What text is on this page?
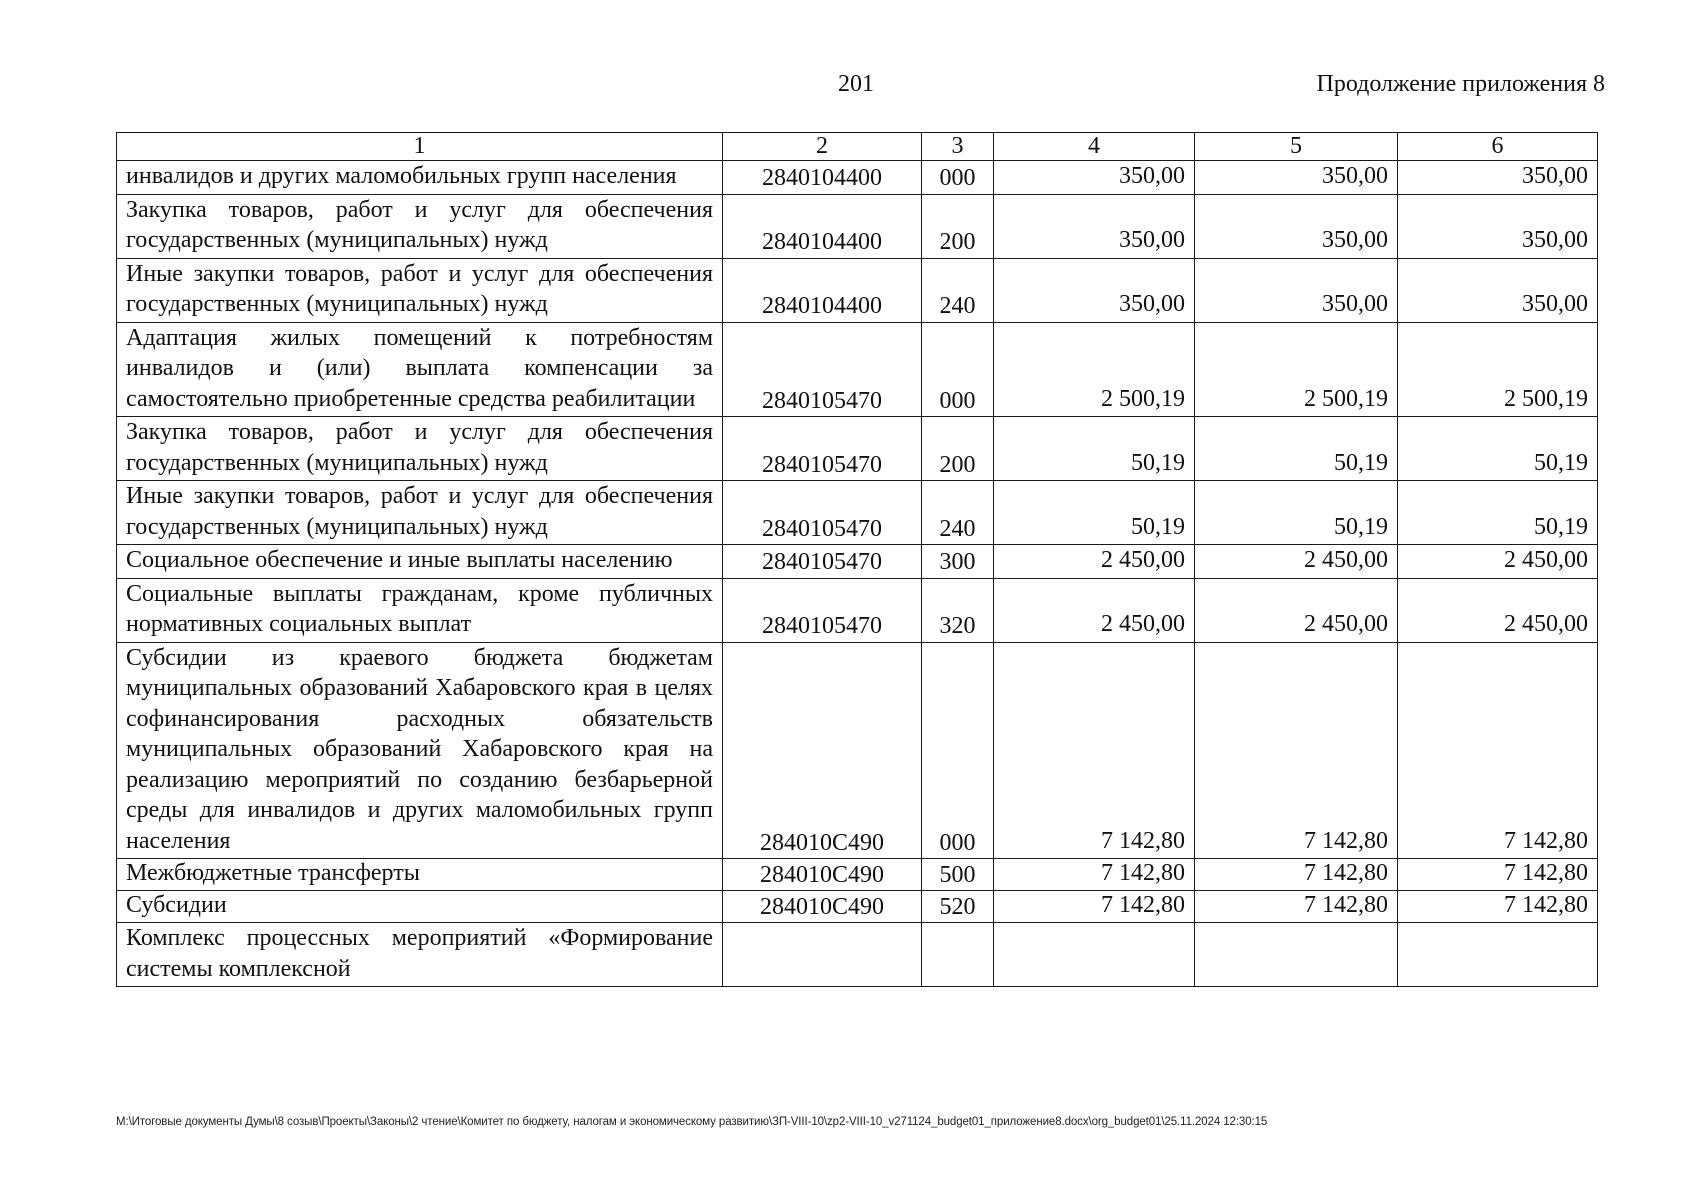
201	Продолжение приложения 8
1	2	3	4	5	6
инвалидов и других маломобильных групп населения	2840104400	000	350,00	350,00	350,00
Закупка товаров, работ и услуг для обеспечения государственных (муниципальных) нужд	2840104400	200	350,00	350,00	350,00
Иные закупки товаров, работ и услуг для обеспечения государственных (муниципальных) нужд	2840104400	240	350,00	350,00	350,00
Адаптация жилых помещений к потребностям инвалидов и (или) выплата компенсации за самостоятельно приобретенные средства реабилитации	2840105470	000	2 500,19	2 500,19	2 500,19
Закупка товаров, работ и услуг для обеспечения государственных (муниципальных) нужд	2840105470	200	50,19	50,19	50,19
Иные закупки товаров, работ и услуг для обеспечения государственных (муниципальных) нужд	2840105470	240	50,19	50,19	50,19
Социальное обеспечение и иные выплаты населению	2840105470	300	2 450,00	2 450,00	2 450,00
Социальные выплаты гражданам, кроме публичных нормативных социальных выплат	2840105470	320	2 450,00	2 450,00	2 450,00
Субсидии из краевого бюджета бюджетам муниципальных образований Хабаровского края в целях софинансирования расходных обязательств муниципальных образований Хабаровского края на реализацию мероприятий по созданию безбарьерной среды для инвалидов и других маломобильных групп населения	284010C490	000	7 142,80	7 142,80	7 142,80
Межбюджетные трансферты	284010C490	500	7 142,80	7 142,80	7 142,80
Субсидии	284010C490	520	7 142,80	7 142,80	7 142,80
Комплекс процессных мероприятий «Формирование системы комплексной					
M:\Итоговые документы Думы\8 созыв\Проекты\Законы\2 чтение\Комитет по бюджету, налогам и экономическому развитию\ЗП-VIII-10\zp2-VIII-10_v271124_budget01_приложение8.docx\org_budget01\25.11.2024 12:30:15
